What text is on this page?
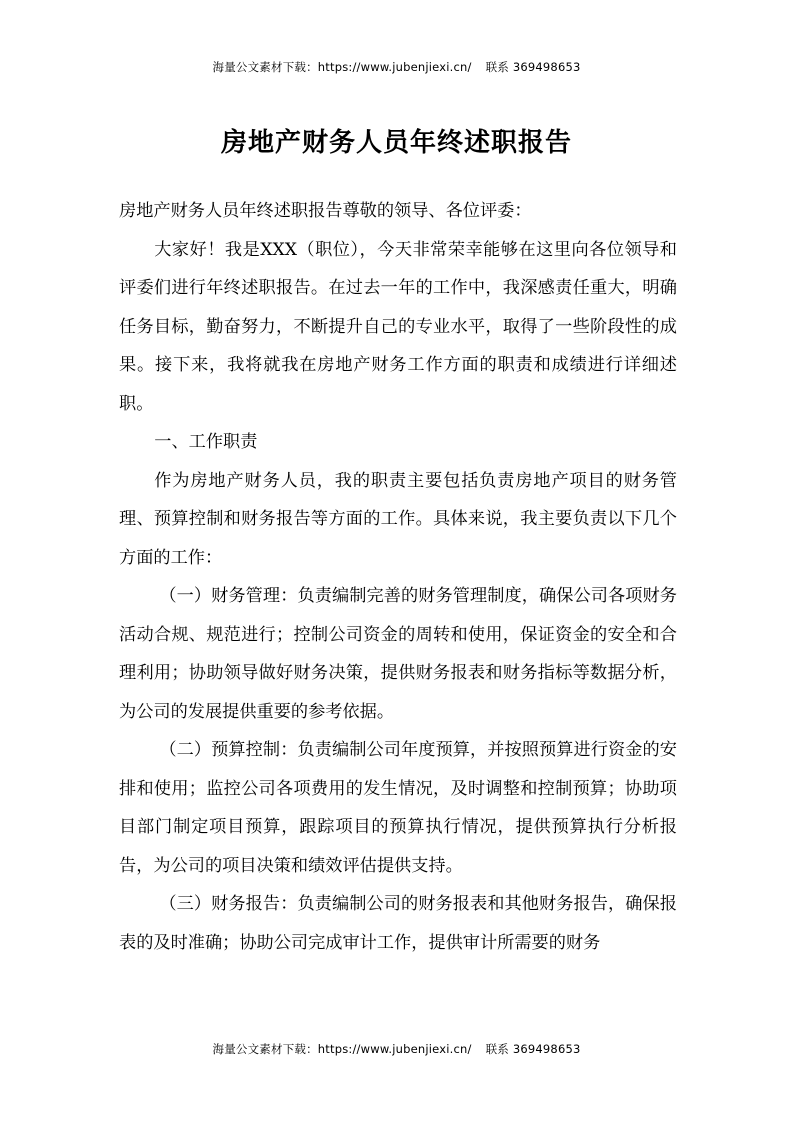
海量公文素材下载：https://www.jubenjiexi.cn/ 联系 369498653
房地产财务人员年终述职报告

房地产财务人员年终述职报告尊敬的领导、各位评委：

大家好！我是XXX（职位），今天非常荣幸能够在这里向各位领导和评委们进行年终述职报告。在过去一年的工作中，我深感责任重大，明确任务目标，勤奋努力，不断提升自己的专业水平，取得了一些阶段性的成果。接下来，我将就我在房地产财务工作方面的职责和成绩进行详细述职。

一、工作职责

作为房地产财务人员，我的职责主要包括负责房地产项目的财务管理、预算控制和财务报告等方面的工作。具体来说，我主要负责以下几个方面的工作：

（一）财务管理：负责编制完善的财务管理制度，确保公司各项财务活动合规、规范进行；控制公司资金的周转和使用，保证资金的安全和合理利用；协助领导做好财务决策，提供财务报表和财务指标等数据分析，为公司的发展提供重要的参考依据。

（二）预算控制：负责编制公司年度预算，并按照预算进行资金的安排和使用；监控公司各项费用的发生情况，及时调整和控制预算；协助项目部门制定项目预算，跟踪项目的预算执行情况，提供预算执行分析报告，为公司的项目决策和绩效评估提供支持。

（三）财务报告：负责编制公司的财务报表和其他财务报告，确保报表的及时准确；协助公司完成审计工作，提供审计所需要的财务

海量公文素材下载：https://www.jubenjiexi.cn/ 联系 369498653
